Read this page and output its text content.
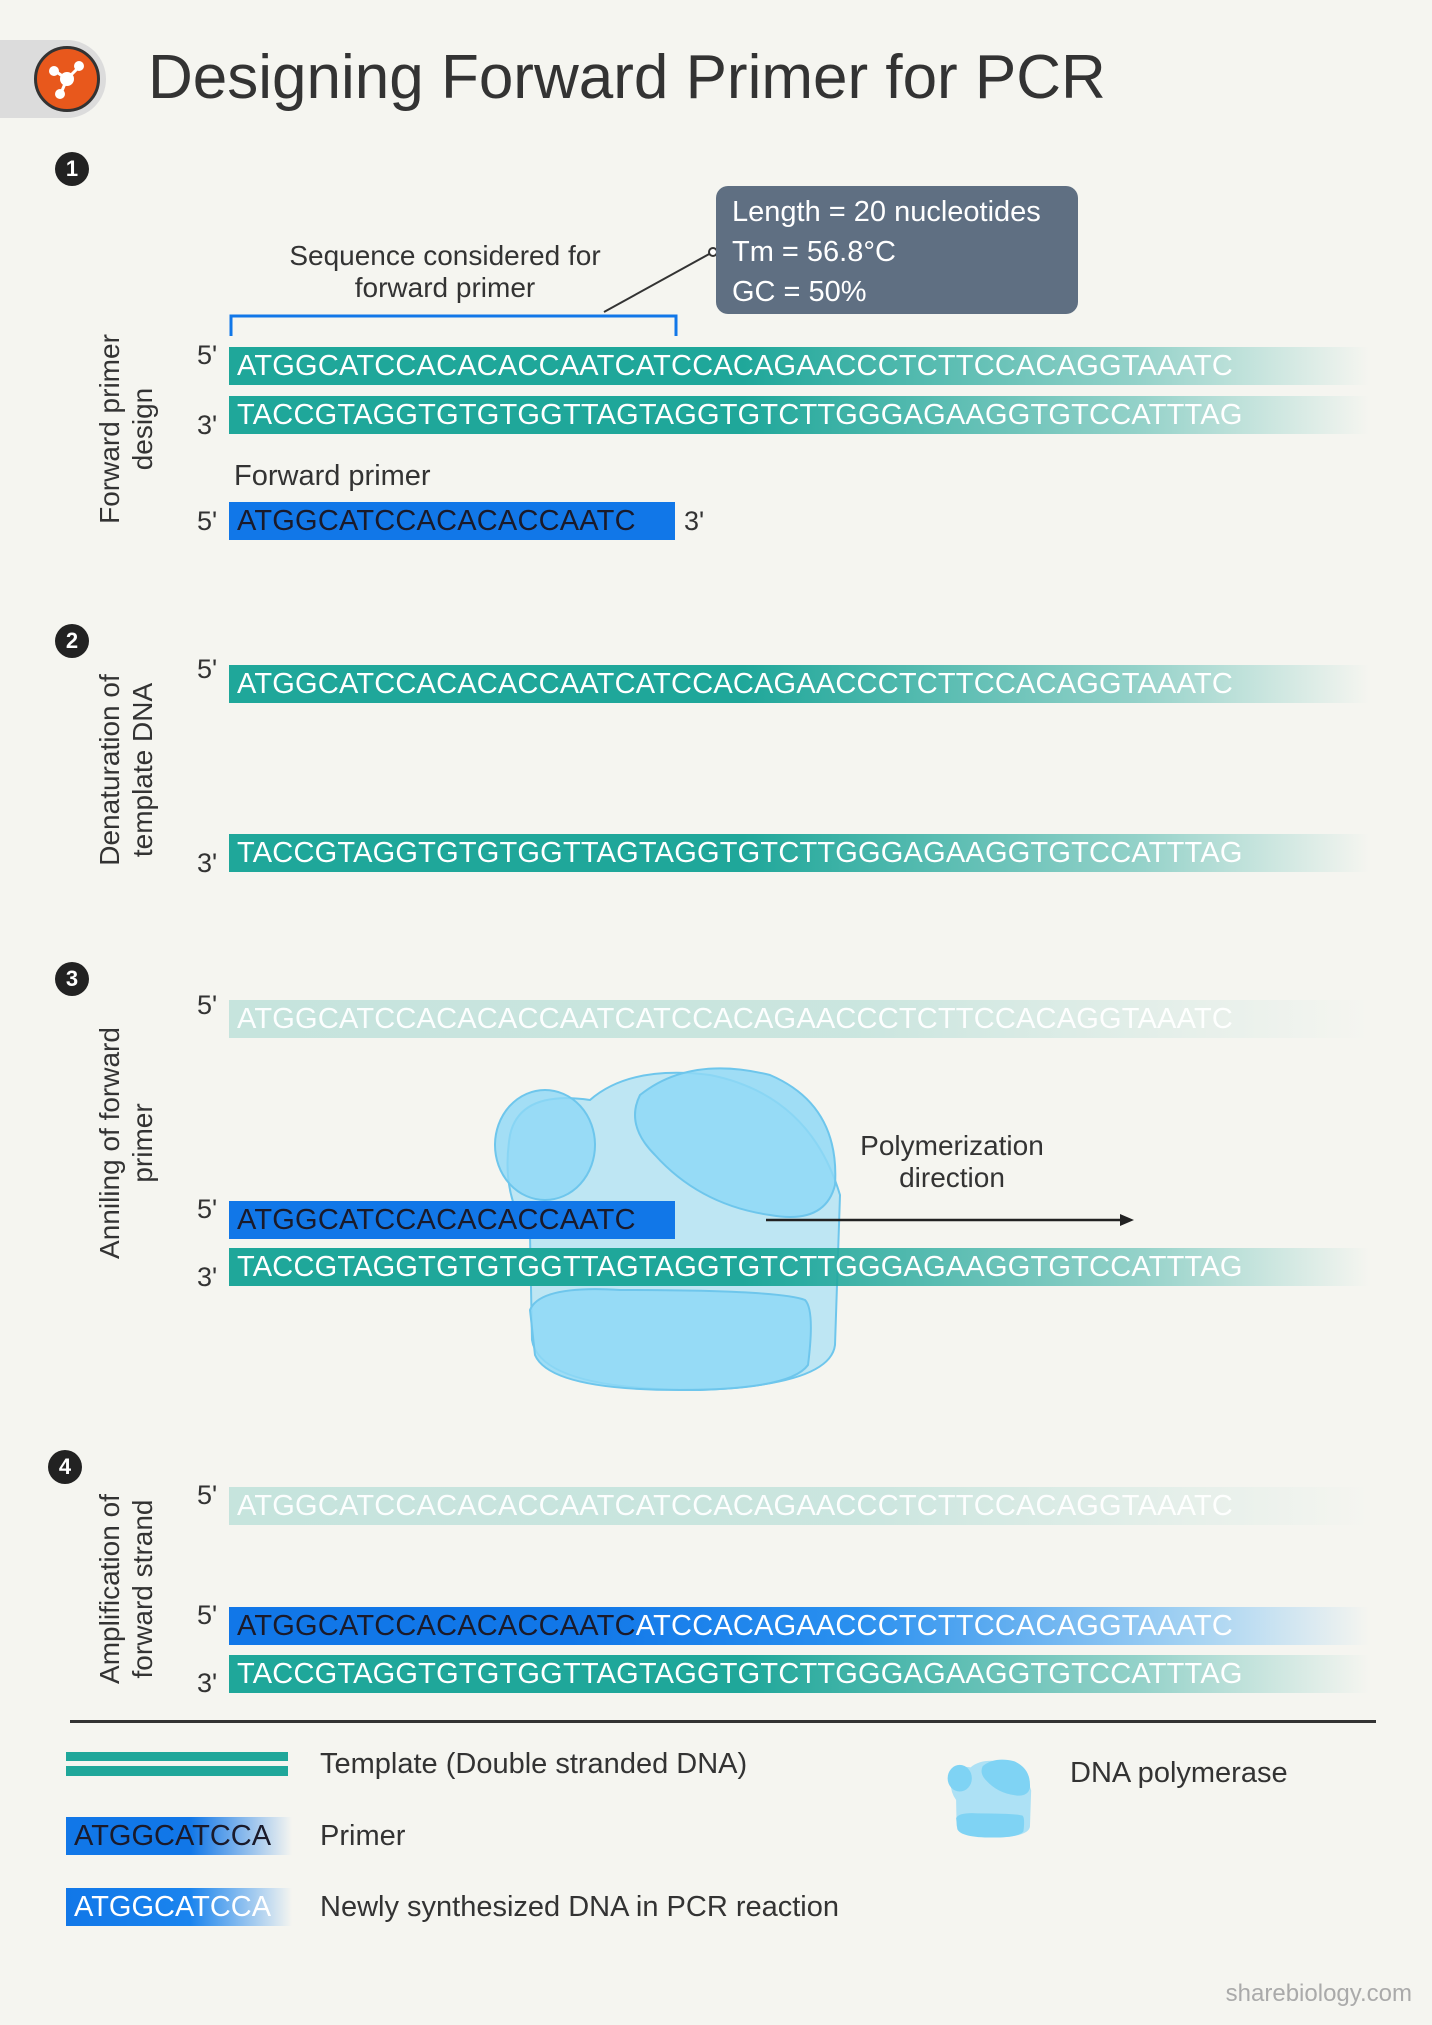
Designing Forward Primer for PCR
1
Forward primer design
Sequence considered for forward primer
Length = 20 nucleotides
Tm = 56.8°C
GC = 50%
5' ATGGCATCCACACACCAATCATCCACAGAACCCTCTTCCACAGGTAAATC
3' TACCGTAGGTGTGTGGTTAGTAGGTGTCTTGGGAGAAGGTGTCCATTTAG
Forward primer
5' ATGGCATCCACACACCAATC	3'
2
Denaturation of template DNA
5' ATGGCATCCACACACCAATCATCCACAGAACCCTCTTCCACAGGTAAATC
3' TACCGTAGGTGTGTGGTTAGTAGGTGTCTTGGGAGAAGGTGTCCATTTAG
3
Anniling of forward primer
5' ATGGCATCCACACACCAATCATCCACAGAACCCTCTTCCACAGGTAAATC
Polymerization direction
5' ATGGCATCCACACACCAATC
3' TACCGTAGGTGTGTGGTTAGTAGGTGTCTTGGGAGAAGGTGTCCATTTAG
4
Amplification of forward strand
5' ATGGCATCCACACACCAATCATCCACAGAACCCTCTTCCACAGGTAAATC
5' ATGGCATCCACACACCAATCATCCACAGAACCCTCTTCCACAGGTAAATC
3' TACCGTAGGTGTGTGGTTAGTAGGTGTCTTGGGAGAAGGTGTCCATTTAG
Template (Double stranded DNA)
ATGGCATCCA	Primer
ATGGCATCCA	Newly synthesized DNA in PCR reaction
DNA polymerase
sharebiology.com
